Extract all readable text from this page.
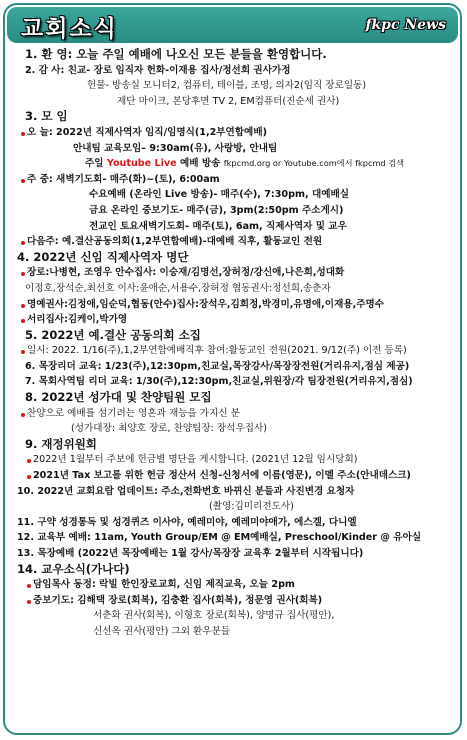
교회소식	fkpc News
1. 환 영: 오늘 주일 예배에 나오신 모든 분들을 환영합니다.
2. 감 사: 친교- 장로 임직자 헌화-이재용 집사/정선희 권사가정
헌물- 방송실 모니터2, 컴퓨터, 테이블, 조명, 의자2(임직 장로일동)
제단 마이크, 본당후면 TV 2, EM컴퓨터(진순세 권사)
3. 모 임
오 늘: 2022년 직제사역자 임직/임명식(1,2부연합예배)
안내팀 교육모임– 9:30am(유), 사랑방, 안내팀
주일 Youtube Live 예배 방송 fkpcmd.org or Youtube.com에서 fkpcmd 검색
주 중: 새벽기도회- 매주(화)~(토), 6:00am
수요예배 (온라인 Live 방송)- 매주(수), 7:30pm, 대예배실
금요 온라인 중보기도- 매주(금), 3pm(2:50pm 주소게시)
전교인 토요새벽기도회- 매주(토), 6am, 직제사역자 및 교우
다음주: 예.결산공동의회(1,2부연합예배)-대예배 직후, 활동교인 전원
4. 2022년 신임 직제사역자 명단
장로:나병현, 조영우 안수집사: 이승재/김명선,장허정/강신애,나은희,성대화
이정호,장석순,최선호 이사:윤애순,서용수,장허정 협동권사:정선희,송춘자
명예권사:김정애,임순덕,협동(안수)집사:장석우,김희정,박경미,유명애,이재용,주명수
서리집사:김케이,박가영
5. 2022년 예.결산 공동의회 소집
일시: 2022. 1/16(주),1,2부연합예배직후 참여:활동교인 전원(2021. 9/12(주) 이전 등록)
6. 목장리더 교육: 1/23(주),12:30pm,친교실,목장강사/목장장전원(거리유지,점심 제공)
7. 목회사역팀 리더 교육: 1/30(주),12:30pm,친교실,위원장/각 팀장전원(거리유지,점심)
8. 2022년 성가대 및 찬양팀원 모집
찬양으로 예배를 섬기려는 영혼과 재능을 가지신 분
(성가대장: 최양호 장로, 찬양팀장: 장석우집사)
9. 재정위원회
2022년 1월부터 주보에 헌금별 명단을 게시합니다. (2021년 12월 임시당회)
2021년 Tax 보고를 위한 헌금 정산서 신청-신청서에 이름(영문), 이멜 주소(안내데스크)
10. 2022년 교회요람 업데이트: 주소,전화번호 바뀌신 분들과 사진변경 요청자
(촬영:김미리전도사)
11. 구약 성경통독 및 성경퀴즈 이사야, 예레미야, 예레미야애가, 에스겔, 다니엘
12. 교육부 예배: 11am, Youth Group/EM @ EM예배실, Preschool/Kinder @ 유아실
13. 목장예배 (2022년 목장예배는 1월 강사/목장장 교육후 2월부터 시작됩니다)
14. 교우소식(가나다)
담임목사 동정: 락빌 한인장로교회, 신임 제직교육, 오늘 2pm
중보기도: 김해택 장로(회복), 김충환 집사(회복), 정문영 권사(회복)
서춘화 권사(회복), 이형호 장로(회복), 양명규 집사(평안),
신선옥 권사(평안) 그외 환우분들
